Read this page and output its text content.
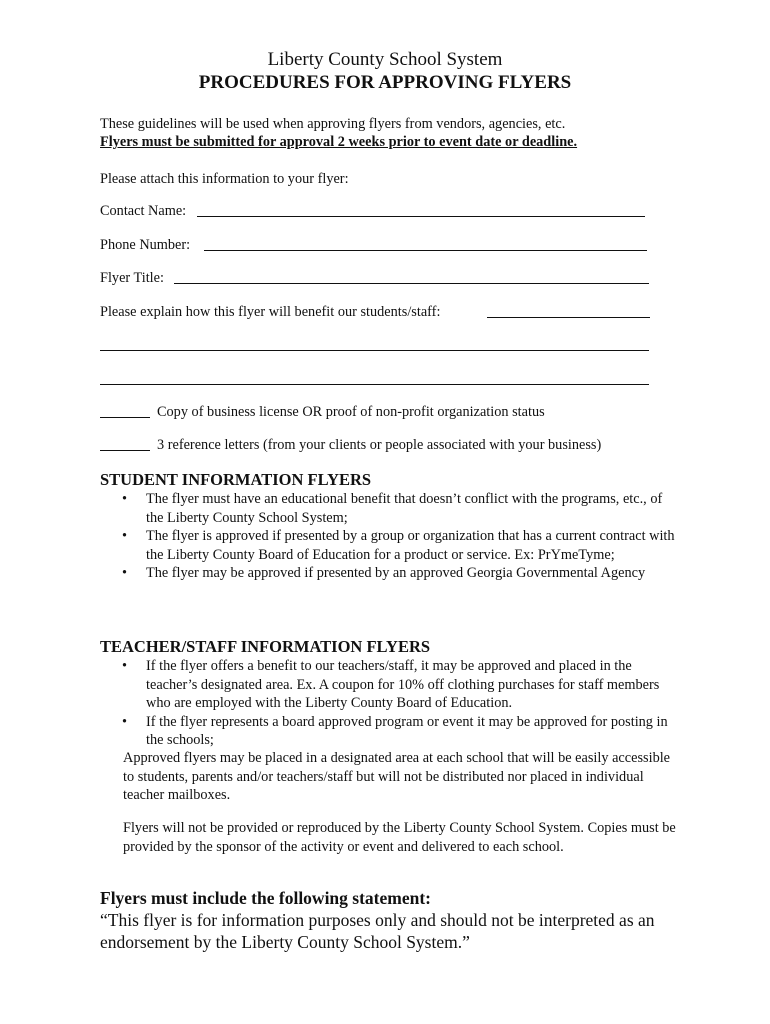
Liberty County School System
PROCEDURES FOR APPROVING FLYERS
These guidelines will be used when approving flyers from vendors, agencies, etc.
Flyers must be submitted for approval 2 weeks prior to event date or deadline.
Please attach this information to your flyer:
Contact Name:
Phone Number:
Flyer Title:
Please explain how this flyer will benefit our students/staff:
Copy of business license OR proof of non-profit organization status
3 reference letters (from your clients or people associated with your business)
STUDENT INFORMATION FLYERS
• The flyer must have an educational benefit that doesn’t conflict with the programs, etc., of the Liberty County School System;
• The flyer is approved if presented by a group or organization that has a current contract with the Liberty County Board of Education for a product or service. Ex: PrYmeTyme;
• The flyer may be approved if presented by an approved Georgia Governmental Agency
TEACHER/STAFF INFORMATION FLYERS
• If the flyer offers a benefit to our teachers/staff, it may be approved and placed in the teacher’s designated area. Ex. A coupon for 10% off clothing purchases for staff members who are employed with the Liberty County Board of Education.
• If the flyer represents a board approved program or event it may be approved for posting in the schools;
Approved flyers may be placed in a designated area at each school that will be easily accessible to students, parents and/or teachers/staff but will not be distributed nor placed in individual teacher mailboxes.
Flyers will not be provided or reproduced by the Liberty County School System. Copies must be provided by the sponsor of the activity or event and delivered to each school.
Flyers must include the following statement:
“This flyer is for information purposes only and should not be interpreted as an endorsement by the Liberty County School System.”
